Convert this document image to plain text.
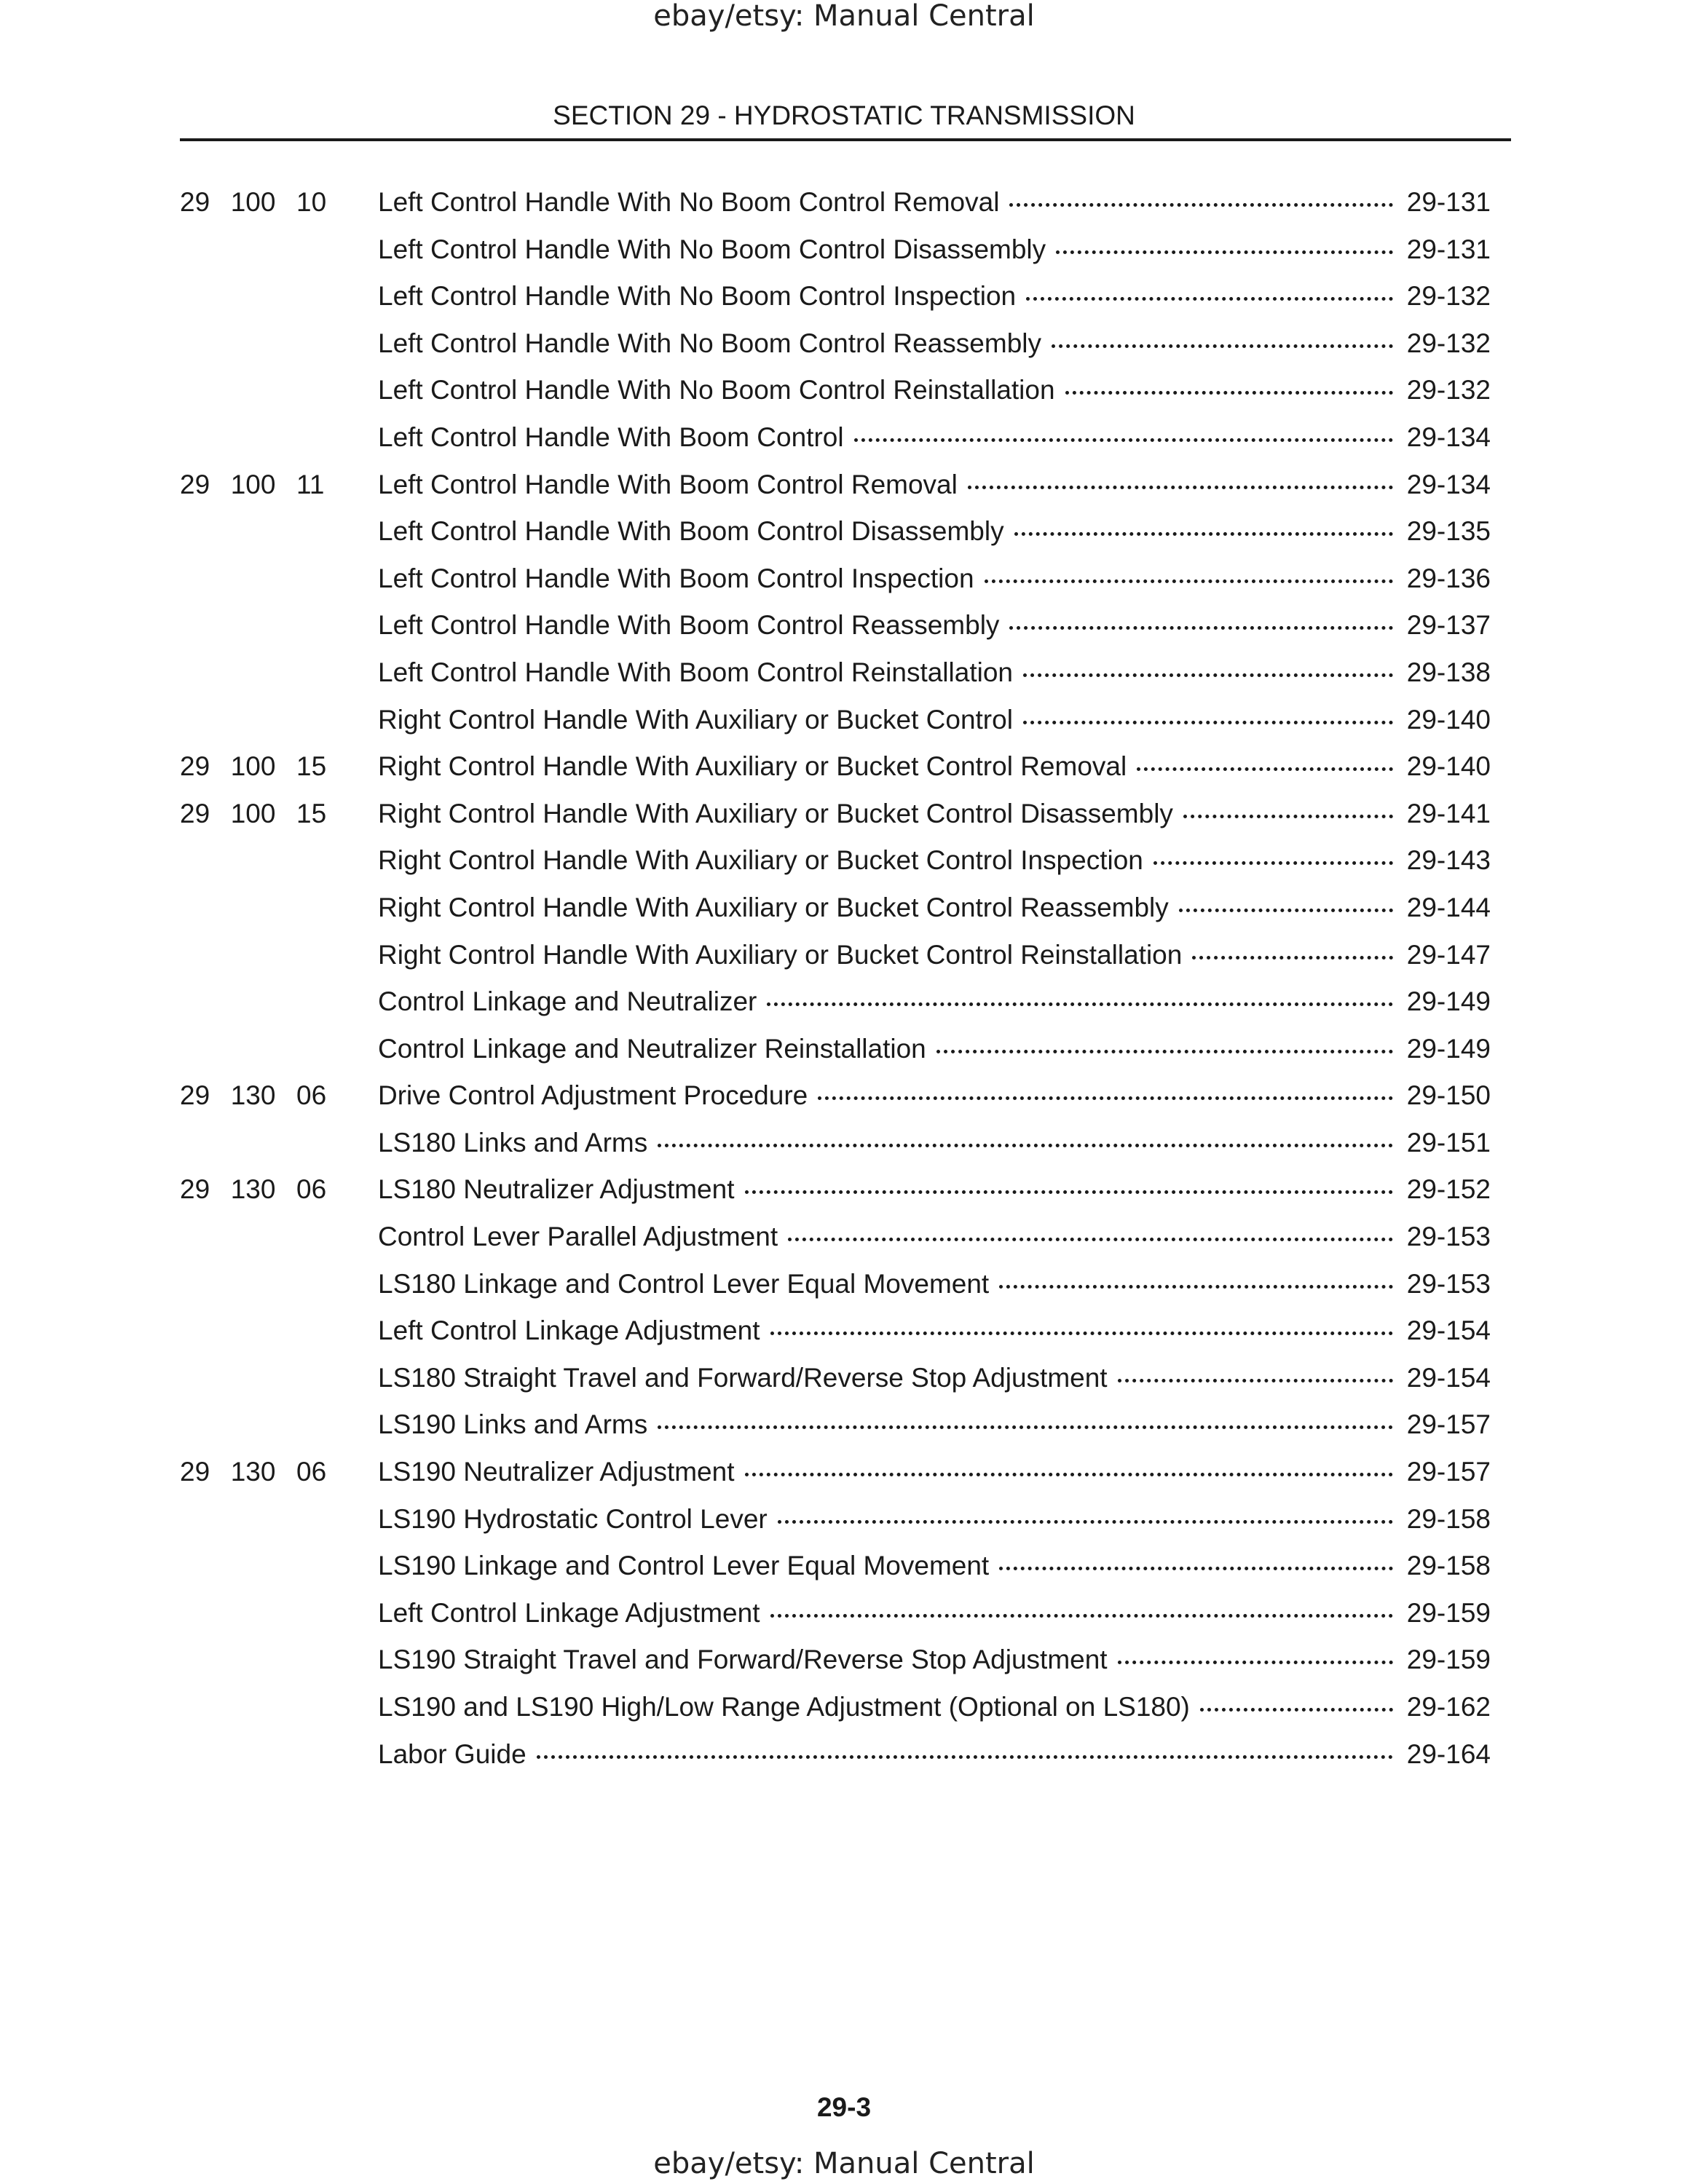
ebay/etsy: Manual Central
SECTION 29 - HYDROSTATIC TRANSMISSION
29  100  10	Left Control Handle With No Boom Control Removal	29-131
Left Control Handle With No Boom Control Disassembly	29-131
Left Control Handle With No Boom Control Inspection	29-132
Left Control Handle With No Boom Control Reassembly	29-132
Left Control Handle With No Boom Control Reinstallation	29-132
Left Control Handle With Boom Control	29-134
29  100  11	Left Control Handle With Boom Control Removal	29-134
Left Control Handle With Boom Control Disassembly	29-135
Left Control Handle With Boom Control Inspection	29-136
Left Control Handle With Boom Control Reassembly	29-137
Left Control Handle With Boom Control Reinstallation	29-138
Right Control Handle With Auxiliary or Bucket Control	29-140
29  100  15	Right Control Handle With Auxiliary or Bucket Control Removal	29-140
29  100  15	Right Control Handle With Auxiliary or Bucket Control Disassembly	29-141
Right Control Handle With Auxiliary or Bucket Control Inspection	29-143
Right Control Handle With Auxiliary or Bucket Control Reassembly	29-144
Right Control Handle With Auxiliary or Bucket Control Reinstallation	29-147
Control Linkage and Neutralizer	29-149
Control Linkage and Neutralizer Reinstallation	29-149
29  130  06	Drive Control Adjustment Procedure	29-150
LS180 Links and Arms	29-151
29  130  06	LS180 Neutralizer Adjustment	29-152
Control Lever Parallel Adjustment	29-153
LS180 Linkage and Control Lever Equal Movement	29-153
Left Control Linkage Adjustment	29-154
LS180 Straight Travel and Forward/Reverse Stop Adjustment	29-154
LS190 Links and Arms	29-157
29  130  06	LS190 Neutralizer Adjustment	29-157
LS190 Hydrostatic Control Lever	29-158
LS190 Linkage and Control Lever Equal Movement	29-158
Left Control Linkage Adjustment	29-159
LS190 Straight Travel and Forward/Reverse Stop Adjustment	29-159
LS190 and LS190 High/Low Range Adjustment (Optional on LS180)	29-162
Labor Guide	29-164
29-3
ebay/etsy: Manual Central
